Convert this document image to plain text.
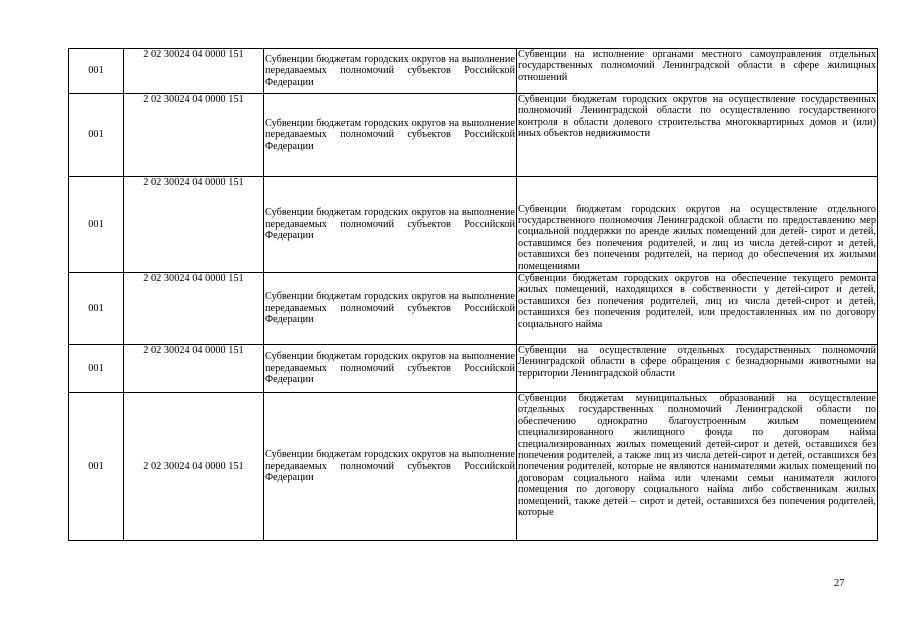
001	2 02 30024 04 0000 151	Субвенции бюджетам городских округов на выполнение передаваемых полномочий субъектов Российской Федерации	Субвенции на исполнение органами местного самоуправления отдельных государственных полномочий Ленинградской области в сфере жилищных отношений
001	2 02 30024 04 0000 151	Субвенции бюджетам городских округов на выполнение передаваемых полномочий субъектов Российской Федерации	Субвенции бюджетам городских округов на осуществление государственных полномочий Ленинградской области по осуществлению государственного контроля в области долевого строительства многоквартирных домов и (или) иных объектов недвижимости
001	2 02 30024 04 0000 151	Субвенции бюджетам городских округов на выполнение передаваемых полномочий субъектов Российской Федерации	Субвенции бюджетам городских округов на осуществление отдельного государственного полномочия Ленинградской области по предоставлению мер социальной поддержки по аренде жилых помещений для детей- сирот и детей, оставшимся без попечения родителей, и лиц из числа детей-сирот и детей, оставшихся без попечения родителей, на период до обеспечения их жилыми помещениями
001	2 02 30024 04 0000 151	Субвенции бюджетам городских округов на выполнение передаваемых полномочий субъектов Российской Федерации	Субвенции бюджетам городских округов на обеспечение текущего ремонта жилых помещений, находящихся в собственности у детей-сирот и детей, оставшихся без попечения родителей, лиц из числа детей-сирот и детей, оставшихся без попечения родителей, или предоставленных им по договору социального найма
001	2 02 30024 04 0000 151	Субвенции бюджетам городских округов на выполнение передаваемых полномочий субъектов Российской Федерации	Субвенции на осуществление отдельных государственных полномочий Ленинградской области в сфере обращения с безнадзорными животными на территории Ленинградской области
001	2 02 30024 04 0000 151	Субвенции бюджетам городских округов на выполнение передаваемых полномочий субъектов Российской Федерации	Субвенции бюджетам муниципальных образований на осуществление отдельных государственных полномочий Ленинградской области по обеспечению однократно благоустроенным жилым помещением специализированного жилищного фонда по договорам найма специализированных жилых помещений детей-сирот и детей, оставшихся без попечения родителей, а также лиц из числа детей-сирот и детей, оставшихся без попечения родителей, которые не являются нанимателями жилых помещений по договорам социального найма или членами семьи нанимателя жилого помещения по договору социального найма либо собственникам жилых помещений, также детей – сирот и детей, оставшихся без попечения родителей, которые
27
